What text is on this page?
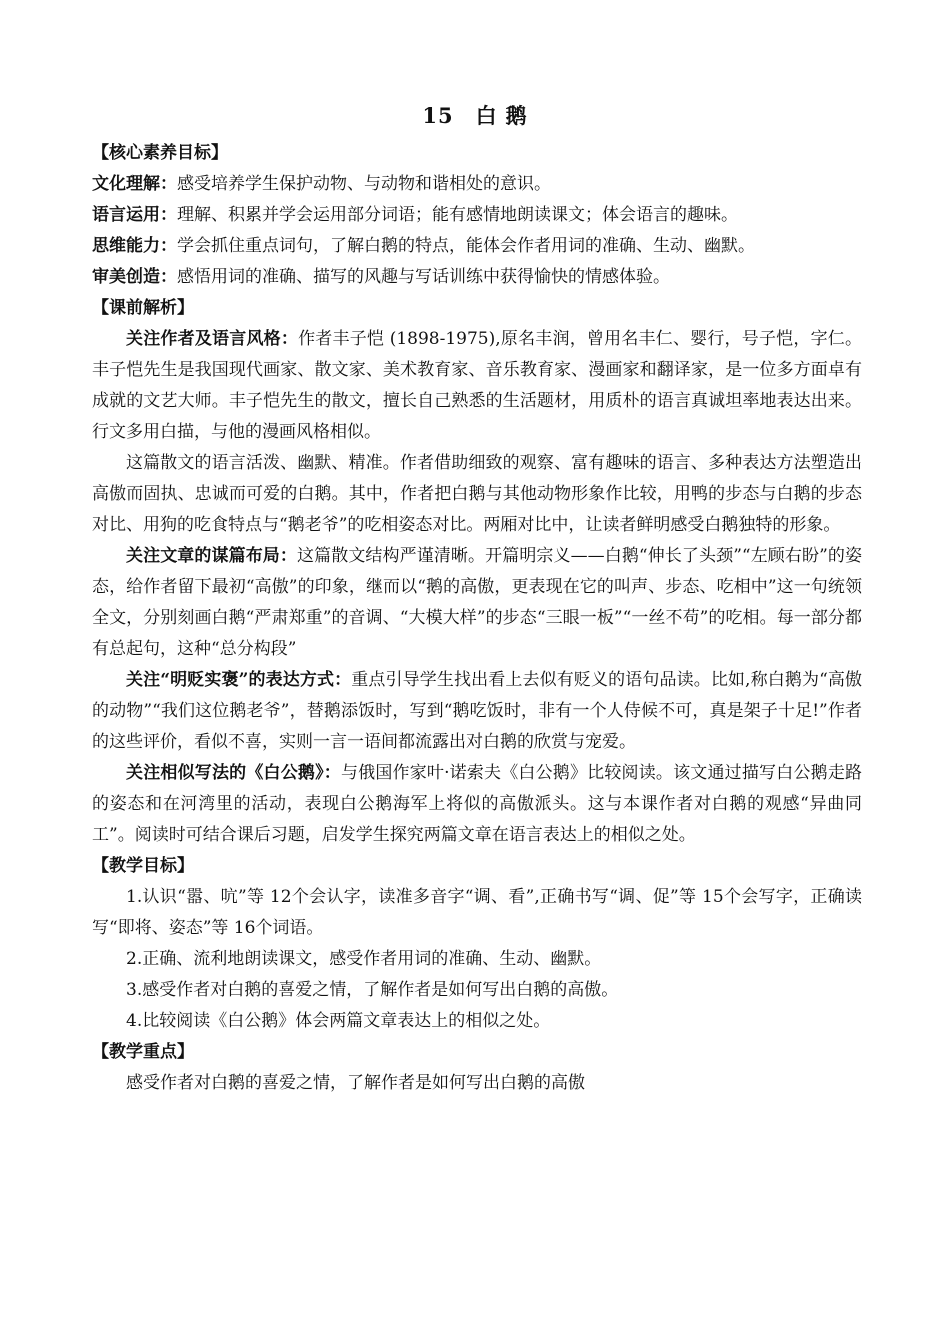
15 白 鹅

【核心素养目标】

文化理解：感受培养学生保护动物、与动物和谐相处的意识。

语言运用：理解、积累并学会运用部分词语；能有感情地朗读课文；体会语言的趣味。

思维能力：学会抓住重点词句，了解白鹅的特点，能体会作者用词的准确、生动、幽默。

审美创造：感悟用词的准确、描写的风趣与写话训练中获得愉快的情感体验。

【课前解析】

关注作者及语言风格：作者丰子恺 (1898-1975),原名丰润，曾用名丰仁、婴行，号子恺，字仁。丰子恺先生是我国现代画家、散文家、美术教育家、音乐教育家、漫画家和翻译家，是一位多方面卓有成就的文艺大师。丰子恺先生的散文，擅长自己熟悉的生活题材，用质朴的语言真诚坦率地表达出来。行文多用白描，与他的漫画风格相似。

这篇散文的语言活泼、幽默、精准。作者借助细致的观察、富有趣味的语言、多种表达方法塑造出高傲而固执、忠诚而可爱的白鹅。其中，作者把白鹅与其他动物形象作比较，用鸭的步态与白鹅的步态对比、用狗的吃食特点与“鹅老爷”的吃相姿态对比。两厢对比中，让读者鲜明感受白鹅独特的形象。

关注文章的谋篇布局：这篇散文结构严谨清晰。开篇明宗义——白鹅“伸长了头颈”“左顾右盼”的姿态，给作者留下最初“高傲”的印象，继而以“鹅的高傲，更表现在它的叫声、步态、吃相中”这一句统领全文，分别刻画白鹅“严肃郑重”的音调、“大模大样”的步态“三眼一板”“一丝不苟”的吃相。每一部分都有总起句，这种“总分构段”

关注“明贬实褒”的表达方式：重点引导学生找出看上去似有贬义的语句品读。比如,称白鹅为“高傲的动物”“我们这位鹅老爷”，替鹅添饭时，写到“鹅吃饭时，非有一个人侍候不可，真是架子十足!”作者的这些评价，看似不喜，实则一言一语间都流露出对白鹅的欣赏与宠爱。

关注相似写法的《白公鹅》：与俄国作家叶·诺索夫《白公鹅》比较阅读。该文通过描写白公鹅走路的姿态和在河湾里的活动，表现白公鹅海军上将似的高傲派头。这与本课作者对白鹅的观感“异曲同工”。阅读时可结合课后习题，启发学生探究两篇文章在语言表达上的相似之处。

【教学目标】

1.认识“嚣、吭”等 12个会认字，读准多音字“调、看”,正确书写“调、促”等 15个会写字，正确读写“即将、姿态”等 16个词语。

2.正确、流利地朗读课文，感受作者用词的准确、生动、幽默。

3.感受作者对白鹅的喜爱之情，了解作者是如何写出白鹅的高傲。

4.比较阅读《白公鹅》体会两篇文章表达上的相似之处。

【教学重点】

感受作者对白鹅的喜爱之情，了解作者是如何写出白鹅的高傲
